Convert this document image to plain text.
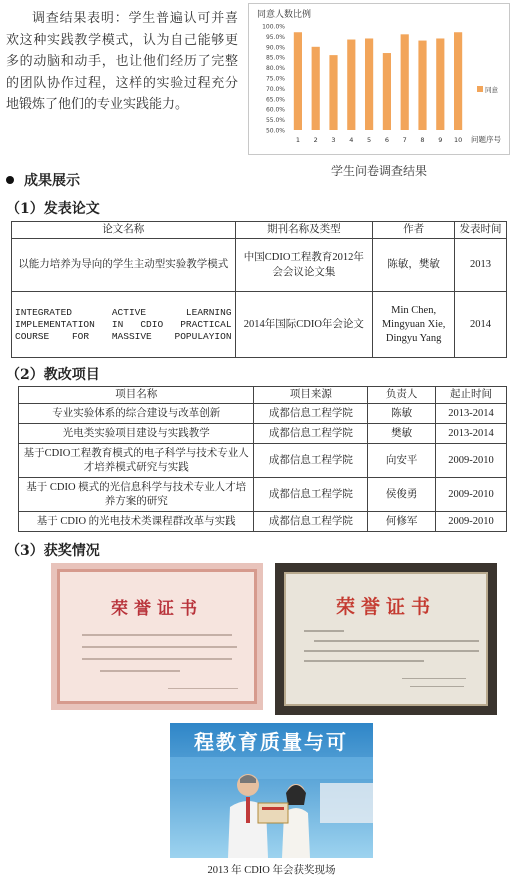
调查结果表明：学生普遍认可并喜欢这种实践教学模式，认为自己能够更多的动脑和动手，也让他们经历了完整的团队协作过程，这样的实验过程充分地锻炼了他们的专业实践能力。
同意人数比例
50.0%
55.0%
60.0%
65.0%
70.0%
75.0%
80.0%
85.0%
90.0%
95.0%
100.0%
1 2 3 4 5 6 7 8 9 10 问题序号
同意
学生问卷调查结果
成果展示
（1）发表论文
论文名称	期刊名称及类型	作者	发表时间
以能力培养为导向的学生主动型实验教学模式	中国CDIO工程教育2012年会会议论文集	陈敏，樊敏	2013
INTEGRATED ACTIVE LEARNING IMPLEMENTATION IN CDIO PRACTICAL COURSE FOR MASSIVE POPULAYION	2014年国际CDIO年会论文	Min Chen, Mingyuan Xie, Dingyu Yang	2014
（2）教改项目
项目名称	项目来源	负责人	起止时间
专业实验体系的综合建设与改革创新	成都信息工程学院	陈敏	2013-2014
光电类实验项目建设与实践教学	成都信息工程学院	樊敏	2013-2014
基于CDIO工程教育模式的电子科学与技术专业人才培养模式研究与实践	成都信息工程学院	向安平	2009-2010
基于 CDIO 模式的光信息科学与技术专业人才培养方案的研究	成都信息工程学院	侯俊勇	2009-2010
基于 CDIO 的光电技术类课程群改革与实践	成都信息工程学院	何修军	2009-2010
（3）获奖情况
荣誉证书	荣誉证书
程教育质量与可
2013 年 CDIO 年会获奖现场
